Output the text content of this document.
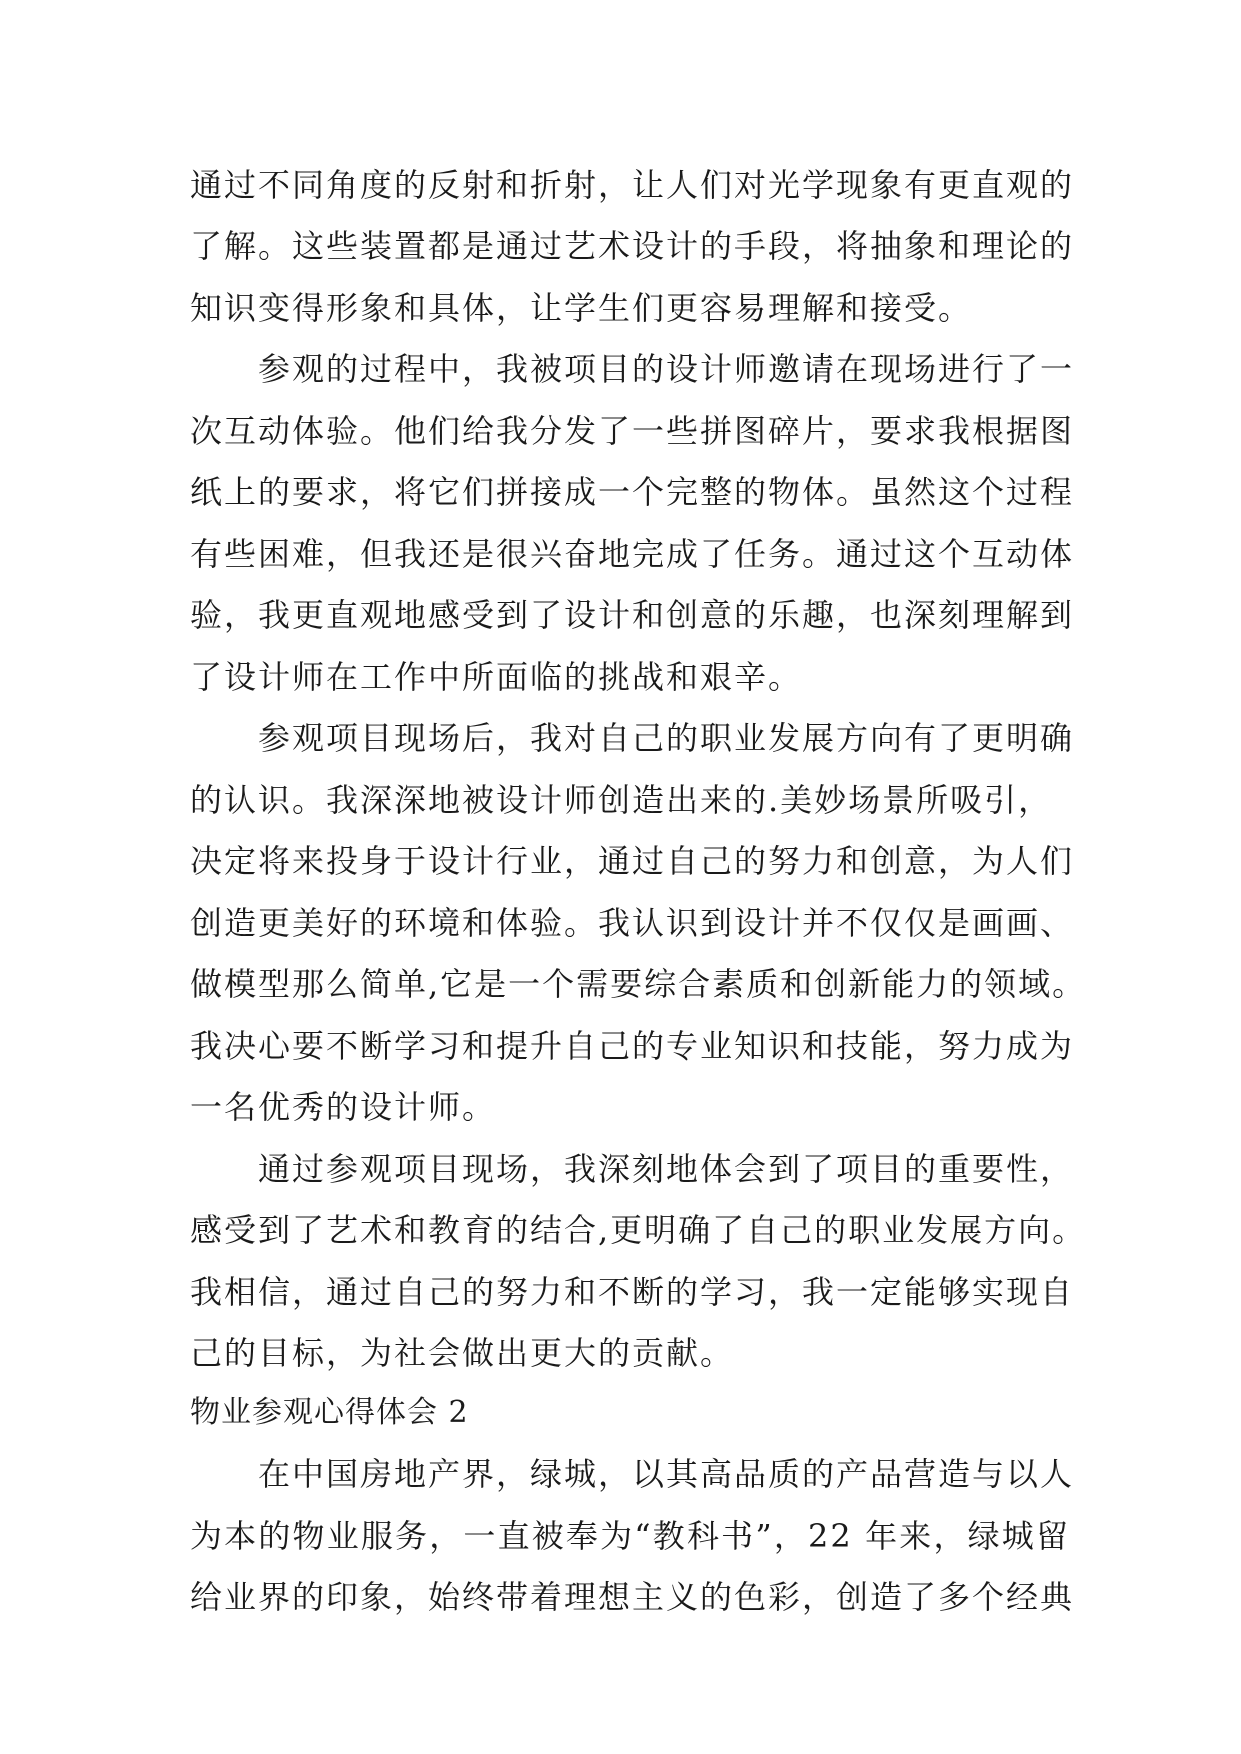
通过不同角度的反射和折射，让人们对光学现象有更直观的
了解。这些装置都是通过艺术设计的手段，将抽象和理论的
知识变得形象和具体，让学生们更容易理解和接受。
参观的过程中，我被项目的设计师邀请在现场进行了一
次互动体验。他们给我分发了一些拼图碎片，要求我根据图
纸上的要求，将它们拼接成一个完整的物体。虽然这个过程
有些困难，但我还是很兴奋地完成了任务。通过这个互动体
验，我更直观地感受到了设计和创意的乐趣，也深刻理解到
了设计师在工作中所面临的挑战和艰辛。
参观项目现场后，我对自己的职业发展方向有了更明确
的认识。我深深地被设计师创造出来的.美妙场景所吸引，
决定将来投身于设计行业，通过自己的努力和创意，为人们
创造更美好的环境和体验。我认识到设计并不仅仅是画画、
做模型那么简单,它是一个需要综合素质和创新能力的领域。
我决心要不断学习和提升自己的专业知识和技能，努力成为
一名优秀的设计师。
通过参观项目现场，我深刻地体会到了项目的重要性，
感受到了艺术和教育的结合,更明确了自己的职业发展方向。
我相信，通过自己的努力和不断的学习，我一定能够实现自
己的目标，为社会做出更大的贡献。
物业参观心得体会 2
在中国房地产界，绿城，以其高品质的产品营造与以人
为本的物业服务，一直被奉为“教科书”，22 年来，绿城留
给业界的印象，始终带着理想主义的色彩，创造了多个经典
